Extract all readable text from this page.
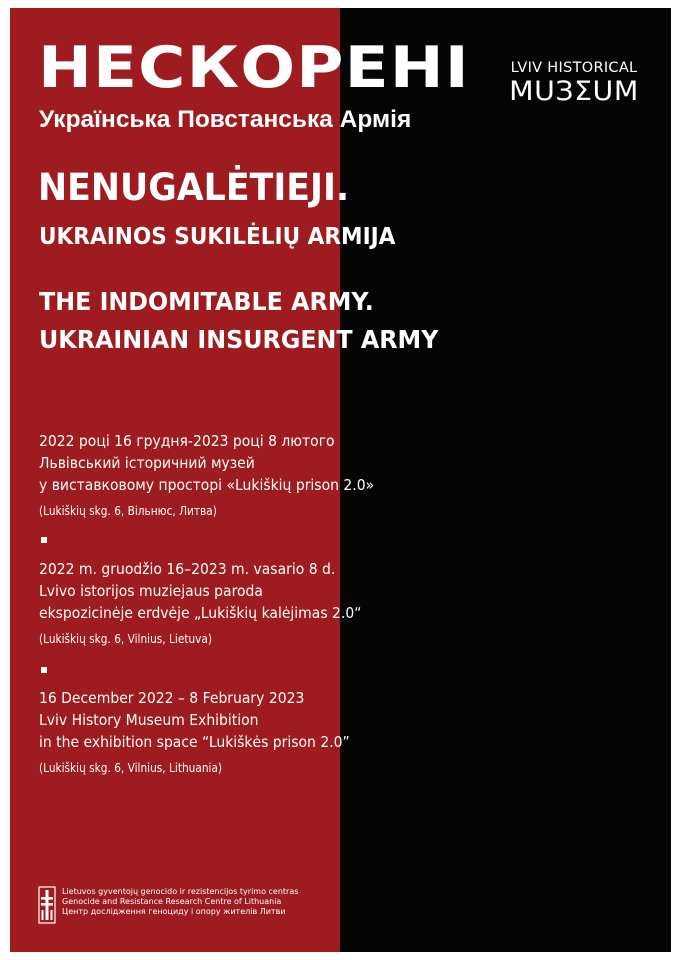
НЕСКОРЕНІ
Українська Повстанська Армія
NENUGALĖTIEJI.
UKRAINOS SUKILĖLIŲ ARMIJA
THE INDOMITABLE ARMY.
UKRAINIAN INSURGENT ARMY
LVIV HISTORICAL
MUЗΣUM
2022 році 16 грудня-2023 році 8 лютого
Львівський історичний музей
у виставковому просторі «Lukiškių prison 2.0»
(Lukiškių skg. 6, Вільнюс, Литва)
2022 m. gruodžio 16–2023 m. vasario 8 d.
Lvivo istorijos muziejaus paroda
ekspozicinėje erdvėje „Lukiškių kalėjimas 2.0“
(Lukiškių skg. 6, Vilnius, Lietuva)
16 December 2022 – 8 February 2023
Lviv History Museum Exhibition
in the exhibition space “Lukiškės prison 2.0”
(Lukiškių skg. 6, Vilnius, Lithuania)
Lietuvos gyventojų genocido ir rezistencijos tyrimo centras
Genocide and Resistance Research Centre of Lithuania
Центр дослідження геноциду і опору жителів Литви
